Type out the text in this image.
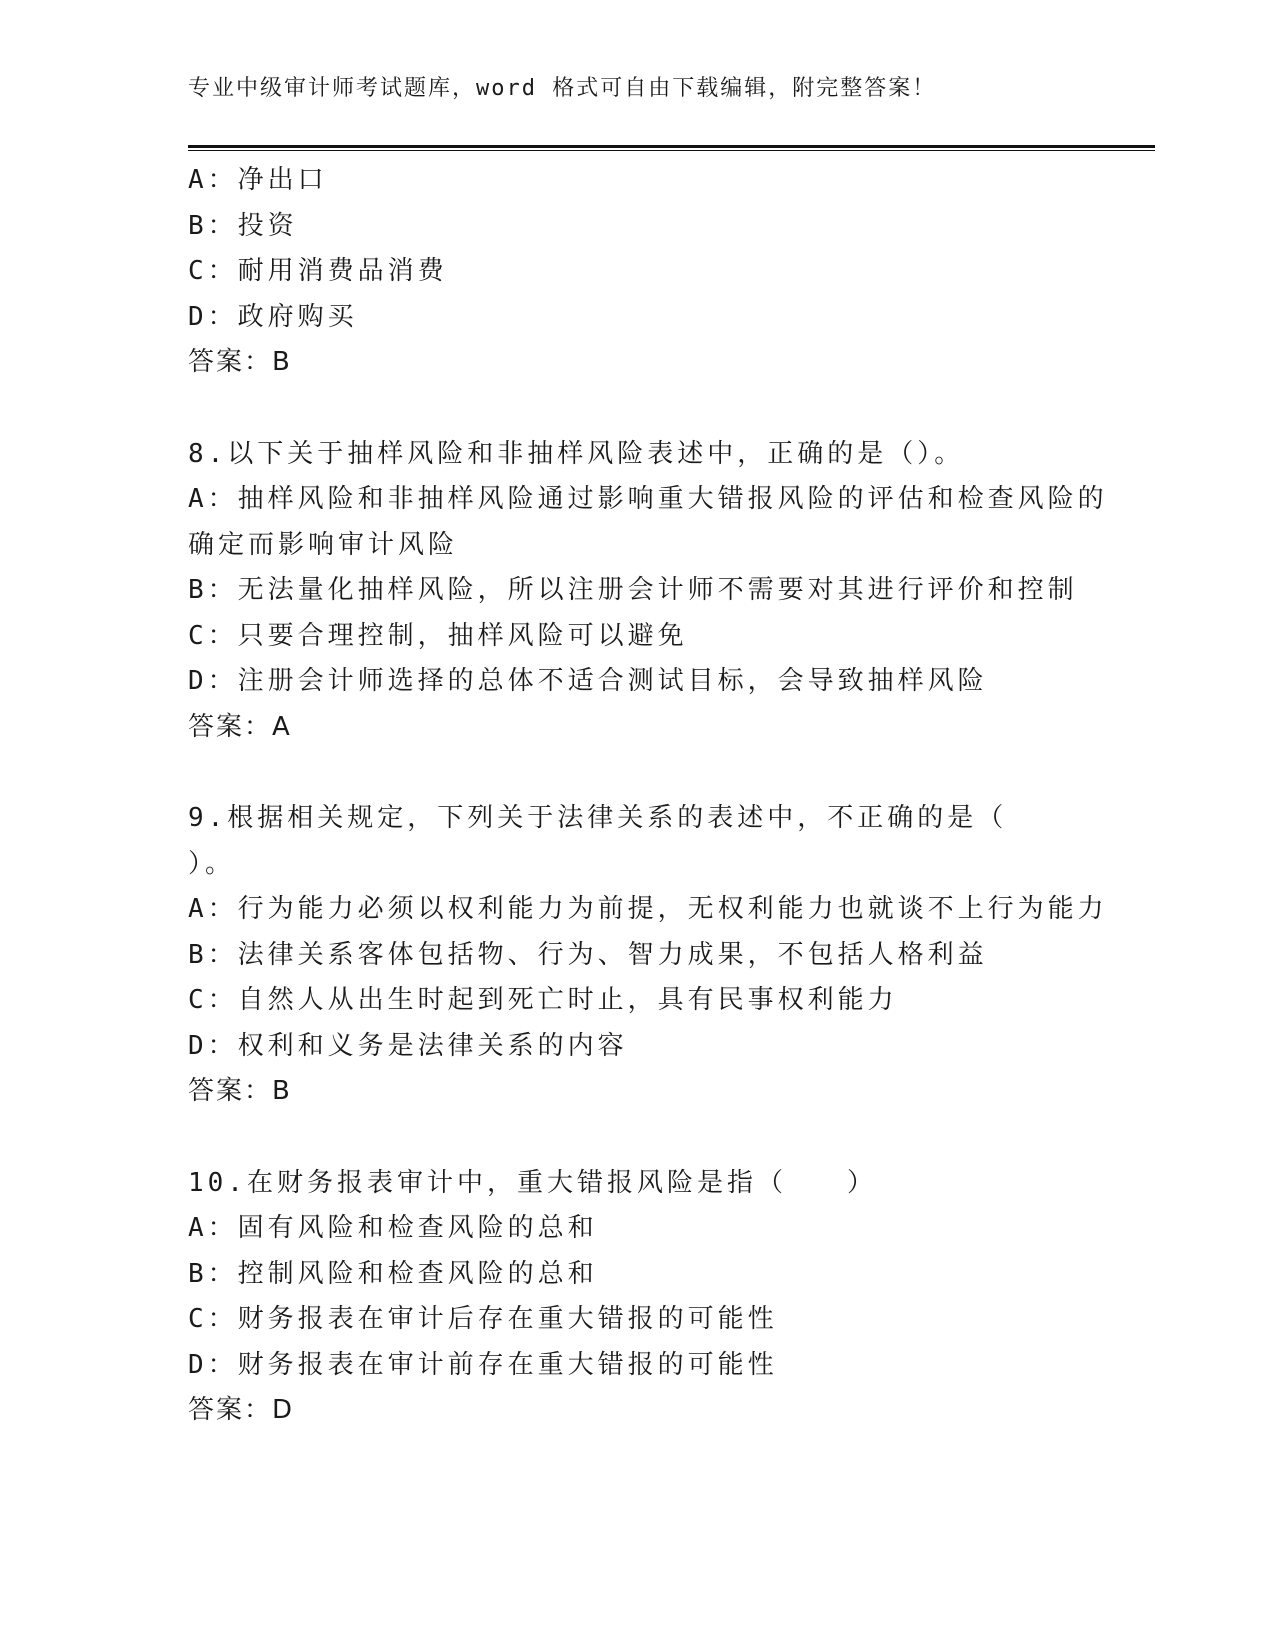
专业中级审计师考试题库，word 格式可自由下载编辑，附完整答案！
A：净出口
B：投资
C：耐用消费品消费
D：政府购买
答案：B
8.以下关于抽样风险和非抽样风险表述中，正确的是（）。
A：抽样风险和非抽样风险通过影响重大错报风险的评估和检查风险的
确定而影响审计风险
B：无法量化抽样风险，所以注册会计师不需要对其进行评价和控制
C：只要合理控制，抽样风险可以避免
D：注册会计师选择的总体不适合测试目标，会导致抽样风险
答案：A
9.根据相关规定，下列关于法律关系的表述中，不正确的是（
）。
A：行为能力必须以权利能力为前提，无权利能力也就谈不上行为能力
B：法律关系客体包括物、行为、智力成果，不包括人格利益
C：自然人从出生时起到死亡时止，具有民事权利能力
D：权利和义务是法律关系的内容
答案：B
10.在财务报表审计中，重大错报风险是指（　　）
A：固有风险和检查风险的总和
B：控制风险和检查风险的总和
C：财务报表在审计后存在重大错报的可能性
D：财务报表在审计前存在重大错报的可能性
答案：D
